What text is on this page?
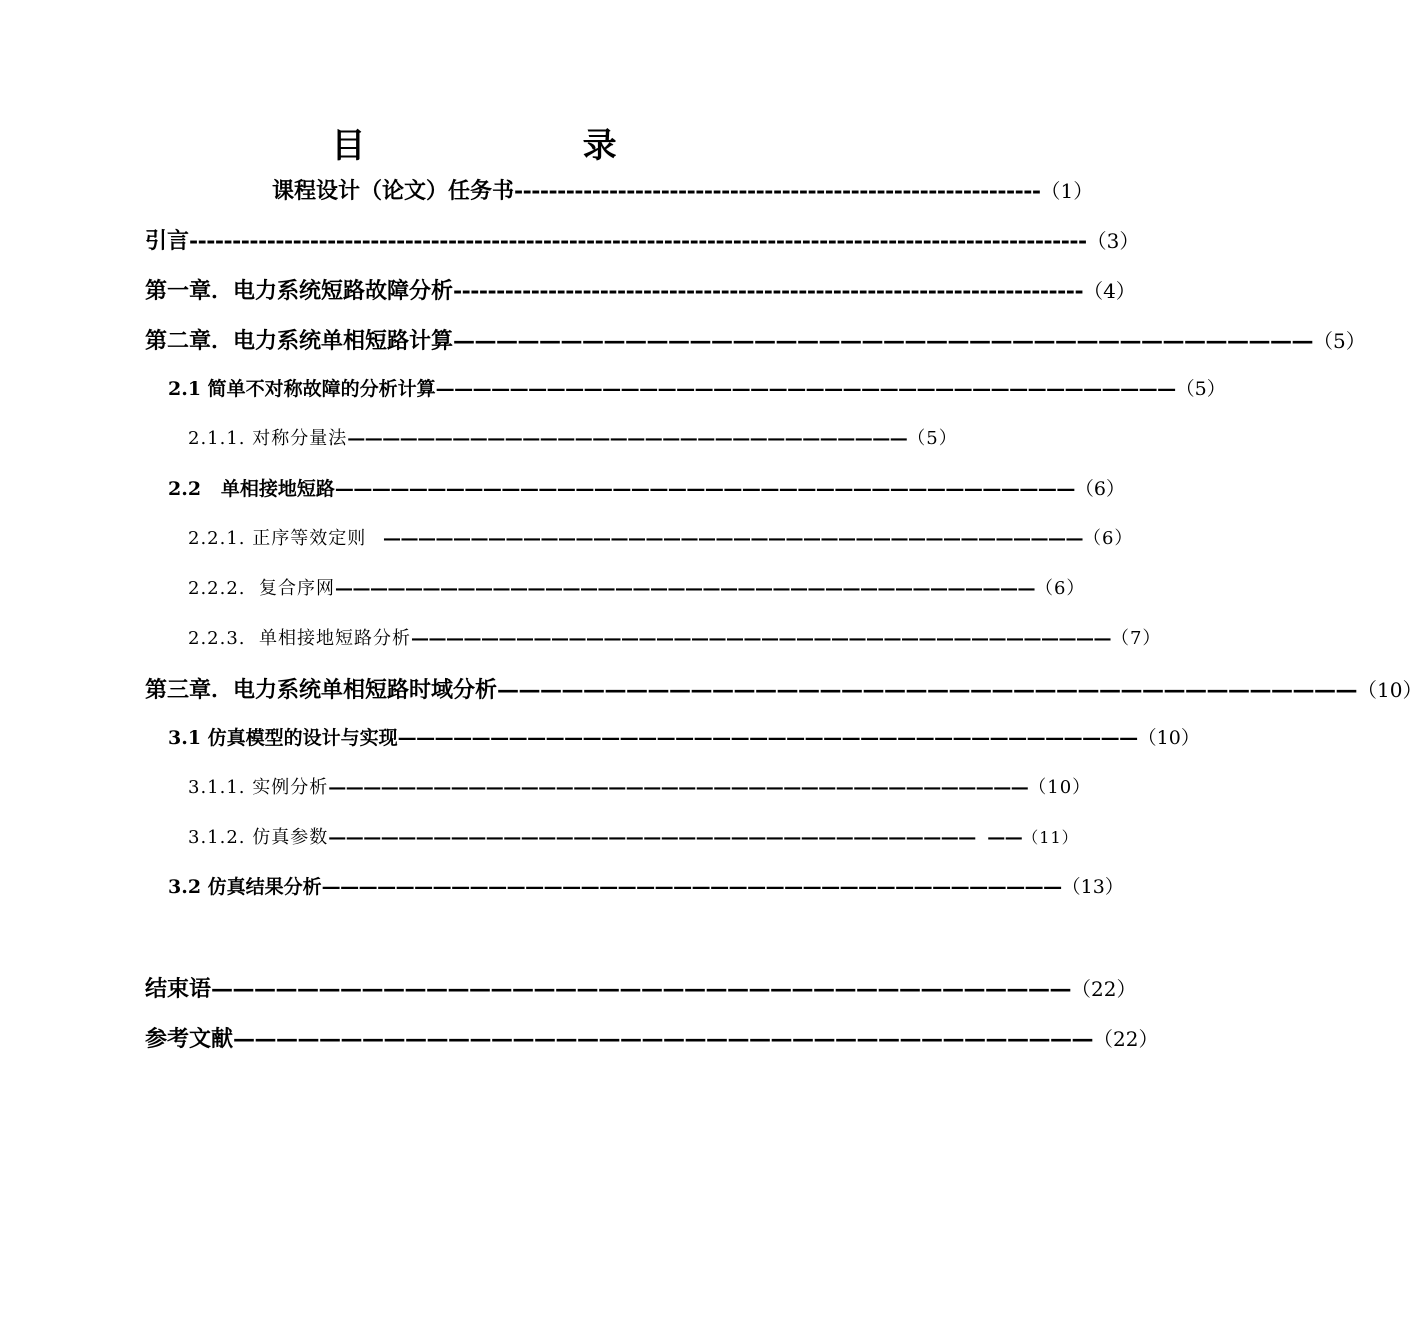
目    录
课程设计（论文）任务书 ------------------------------------------------------------- （1）
引言 -------------------------------------------------------------------------------------------------------- （3）
第一章．电力系统短路故障分析 ------------------------------------------------------------------------- （4）
第二章．电力系统单相短路计算 ———————————————————————————————————————— （5）
2.1 简单不对称故障的分析计算 ———————————————————————————————————————— （5）
2.1.1. 对称分量法 ———————————————————————————————— （5）
2.2   单相接地短路 ———————————————————————————————————————— （6）
2.2.1. 正序等效定则 ———————————————————————————————————————— （6）
2.2.2.  复合序网 ———————————————————————————————————————— （6）
2.2.3.  单相接地短路分析 ———————————————————————————————————————— （7）
第三章．电力系统单相短路时域分析 ———————————————————————————————————————— （10）
3.1 仿真模型的设计与实现 ———————————————————————————————————————— （10）
3.1.1. 实例分析 ———————————————————————————————————————— （10）
3.1.2. 仿真参数 —————————————————————————————————————  —— （11）
3.2 仿真结果分析 ———————————————————————————————————————— （13）
结束语 ———————————————————————————————————————— （22）
参考文献 ———————————————————————————————————————— （22）
